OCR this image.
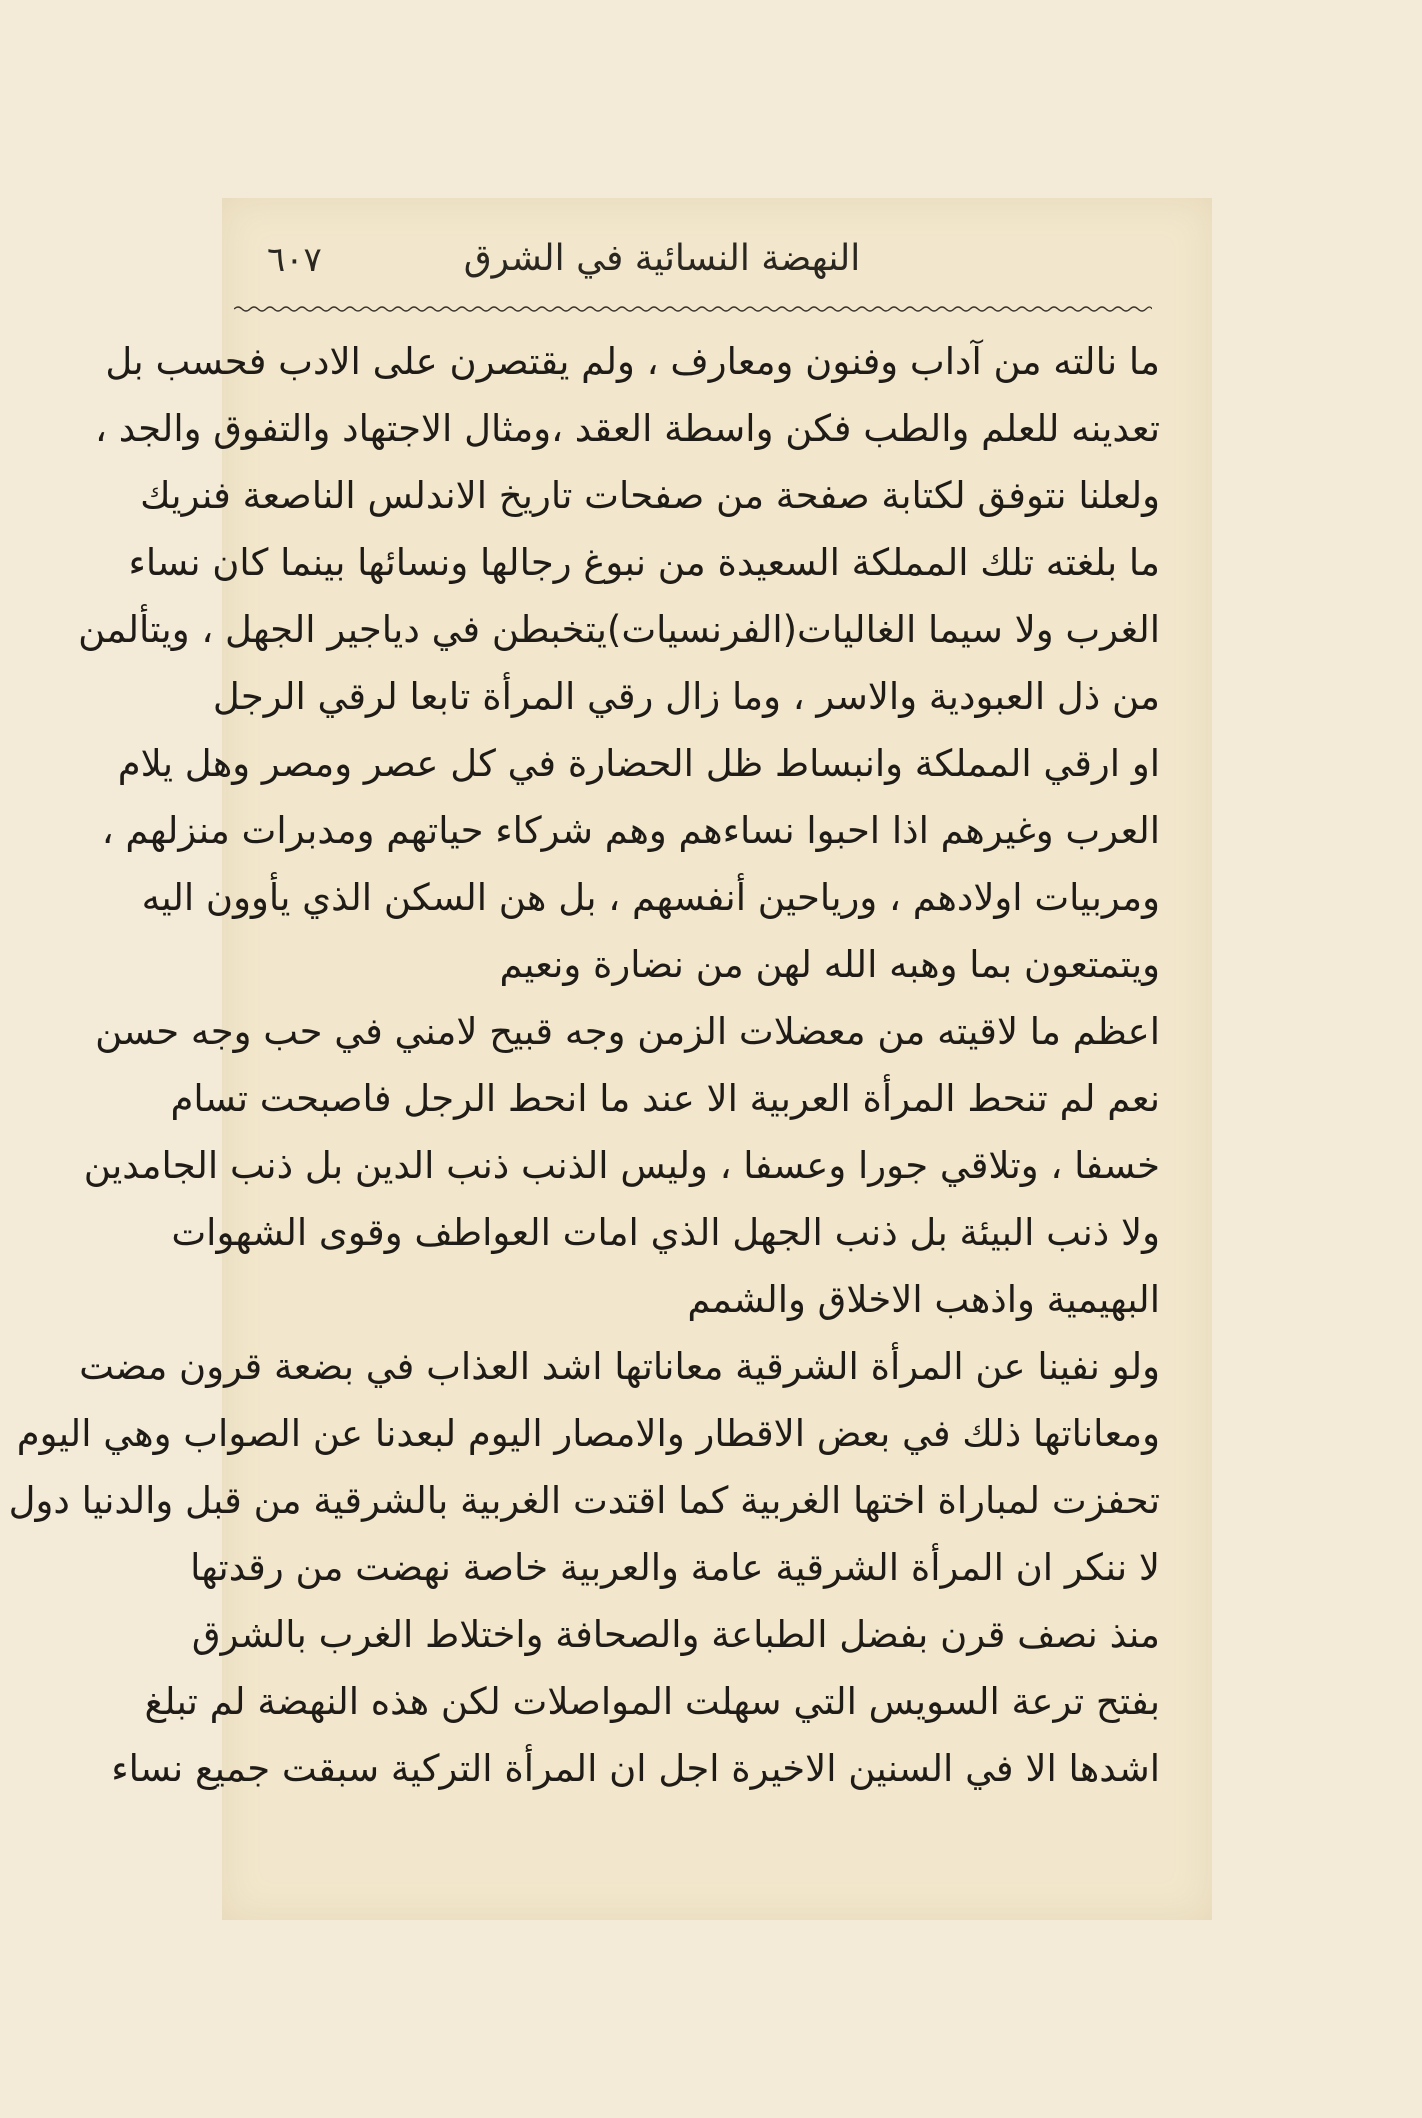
٦٠٧	النهضة النسائية في الشرق
ما نالته من آداب وفنون ومعارف ، ولم يقتصرن على الادب فحسب بل
تعدينه للعلم والطب فكن واسطة العقد ،ومثال الاجتهاد والتفوق والجد ،
ولعلنا نتوفق لكتابة صفحة من صفحات تاريخ الاندلس الناصعة فنريك
ما بلغته تلك المملكة السعيدة من نبوغ رجالها ونسائها بينما كان نساء
الغرب ولا سيما الغاليات(الفرنسيات)يتخبطن في دياجير الجهل ، ويتألمن
من ذل العبودية والاسر ، وما زال رقي المرأة تابعا لرقي الرجل
او ارقي المملكة وانبساط ظل الحضارة في كل عصر ومصر وهل يلام
العرب وغيرهم اذا احبوا نساءهم وهم شركاء حياتهم ومدبرات منزلهم ،
ومربيات اولادهم ، ورياحين أنفسهم ، بل هن السكن الذي يأوون اليه
ويتمتعون بما وهبه الله لهن من نضارة ونعيم
اعظم ما لاقيته من معضلات الزمن وجه قبيح لامني في حب وجه حسن
نعم لم تنحط المرأة العربية الا عند ما انحط الرجل فاصبحت تسام
خسفا ، وتلاقي جورا وعسفا ، وليس الذنب ذنب الدين بل ذنب الجامدين
ولا ذنب البيئة بل ذنب الجهل الذي امات العواطف وقوى الشهوات
البهيمية واذهب الاخلاق والشمم
ولو نفينا عن المرأة الشرقية معاناتها اشد العذاب في بضعة قرون مضت
ومعاناتها ذلك في بعض الاقطار والامصار اليوم لبعدنا عن الصواب وهي اليوم
تحفزت لمباراة اختها الغربية كما اقتدت الغربية بالشرقية من قبل والدنيا دول
لا ننكر ان المرأة الشرقية عامة والعربية خاصة نهضت من رقدتها
منذ نصف قرن بفضل الطباعة والصحافة واختلاط الغرب بالشرق
بفتح ترعة السويس التي سهلت المواصلات لكن هذه النهضة لم تبلغ
اشدها الا في السنين الاخيرة اجل ان المرأة التركية سبقت جميع نساء
